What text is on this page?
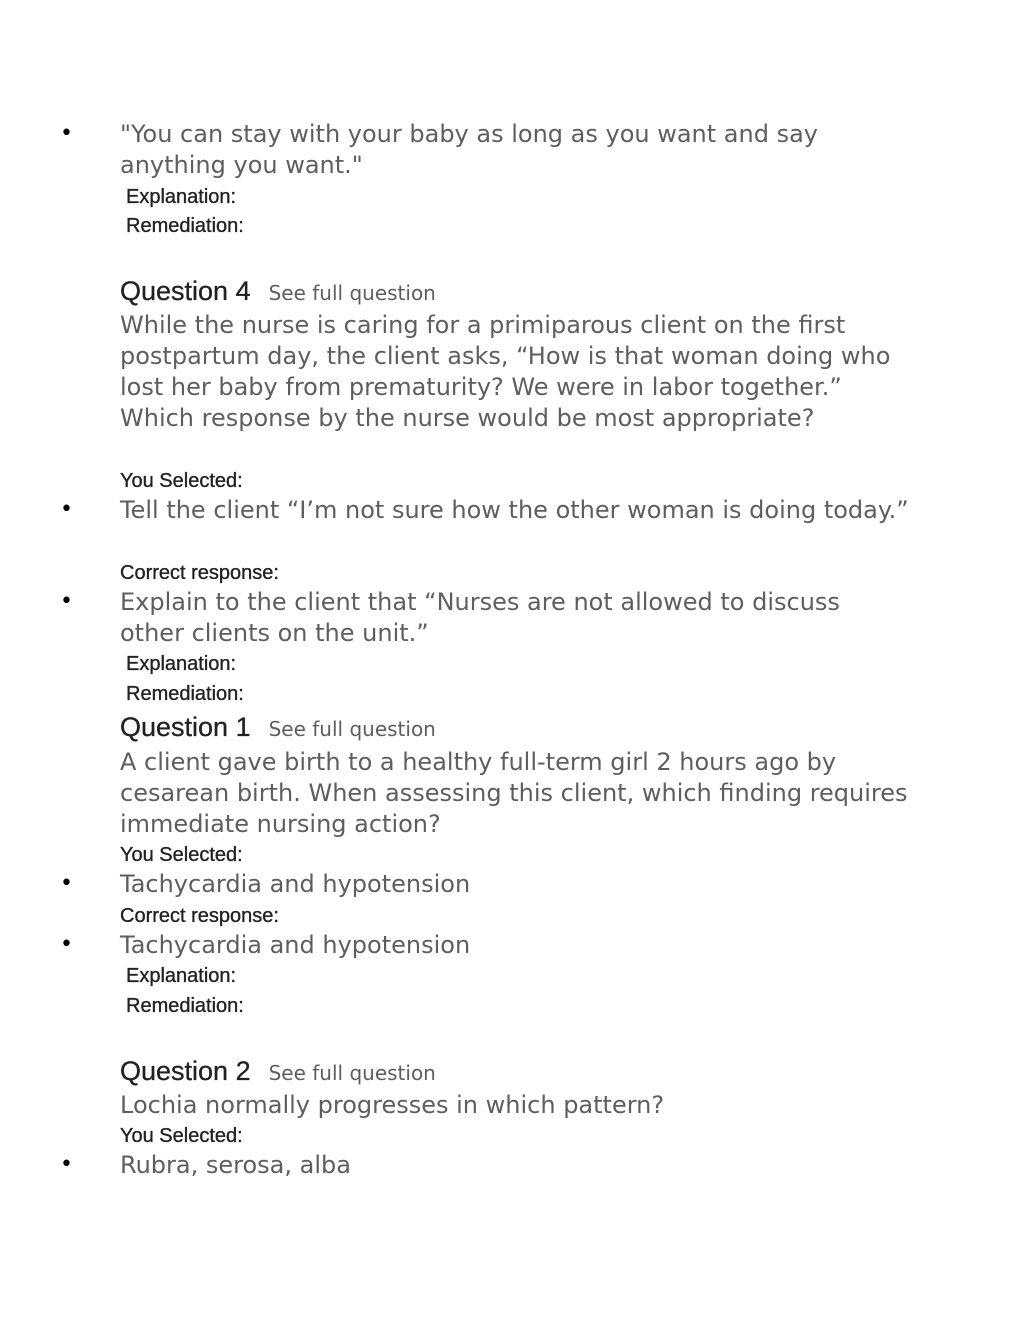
• "You can stay with your baby as long as you want and say anything you want."
Explanation:
Remediation:
Question 4 See full question
While the nurse is caring for a primiparous client on the first postpartum day, the client asks, “How is that woman doing who lost her baby from prematurity? We were in labor together.” Which response by the nurse would be most appropriate?
You Selected:
• Tell the client “I’m not sure how the other woman is doing today.”
Correct response:
• Explain to the client that “Nurses are not allowed to discuss other clients on the unit.”
Explanation:
Remediation:
Question 1 See full question
A client gave birth to a healthy full-term girl 2 hours ago by cesarean birth. When assessing this client, which finding requires immediate nursing action?
You Selected:
• Tachycardia and hypotension
Correct response:
• Tachycardia and hypotension
Explanation:
Remediation:
Question 2 See full question
Lochia normally progresses in which pattern?
You Selected:
• Rubra, serosa, alba
